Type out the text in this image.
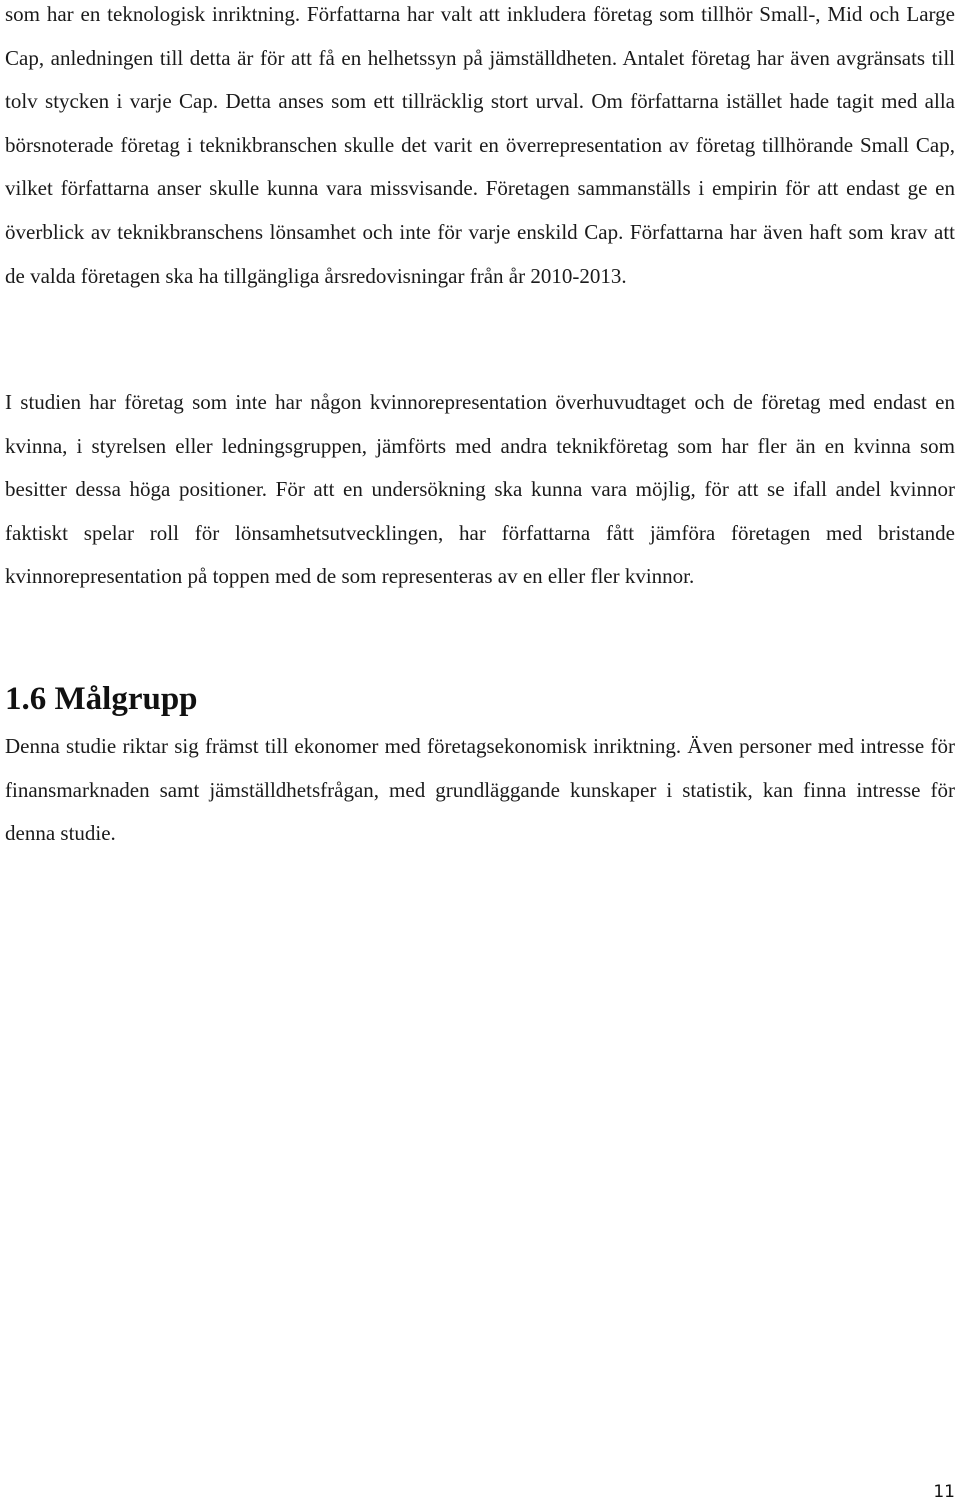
som har en teknologisk inriktning. Författarna har valt att inkludera företag som tillhör Small-, Mid och Large Cap, anledningen till detta är för att få en helhetssyn på jämställdheten. Antalet företag har även avgränsats till tolv stycken i varje Cap. Detta anses som ett tillräcklig stort urval. Om författarna istället hade tagit med alla börsnoterade företag i teknikbranschen skulle det varit en överrepresentation av företag tillhörande Small Cap, vilket författarna anser skulle kunna vara missvisande. Företagen sammanställs i empirin för att endast ge en överblick av teknikbranschens lönsamhet och inte för varje enskild Cap. Författarna har även haft som krav att de valda företagen ska ha tillgängliga årsredovisningar från år 2010-2013.

I studien har företag som inte har någon kvinnorepresentation överhuvudtaget och de företag med endast en kvinna, i styrelsen eller ledningsgruppen, jämförts med andra teknikföretag som har fler än en kvinna som besitter dessa höga positioner. För att en undersökning ska kunna vara möjlig, för att se ifall andel kvinnor faktiskt spelar roll för lönsamhetsutvecklingen, har författarna fått jämföra företagen med bristande kvinnorepresentation på toppen med de som representeras av en eller fler kvinnor.

1.6 Målgrupp

Denna studie riktar sig främst till ekonomer med företagsekonomisk inriktning. Även personer med intresse för finansmarknaden samt jämställdhetsfrågan, med grundläggande kunskaper i statistik, kan finna intresse för denna studie.

11
